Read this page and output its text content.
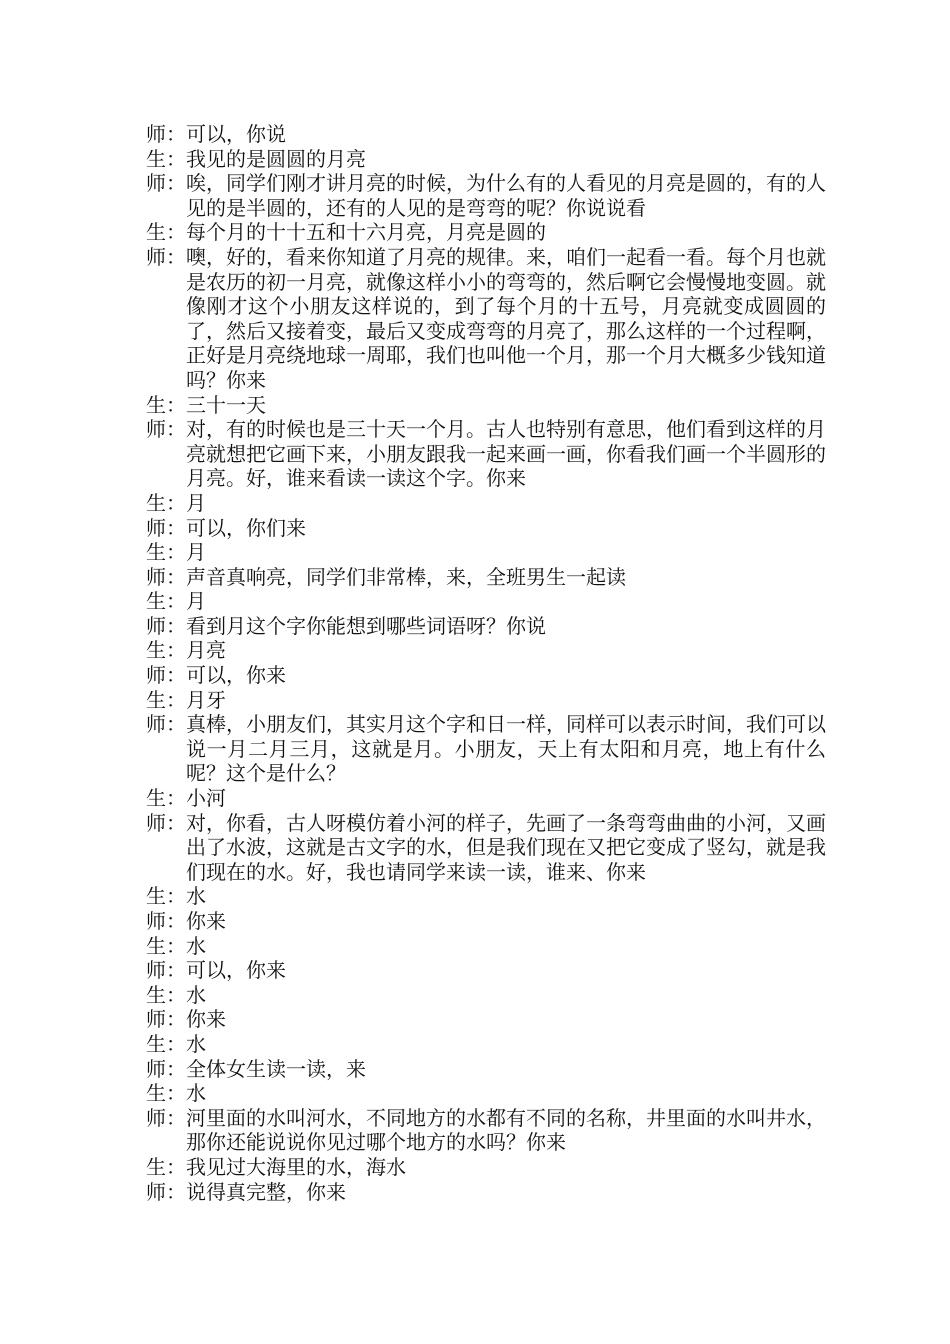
师： 可以，你说
生： 我见的是圆圆的月亮
师： 唉，同学们刚才讲月亮的时候，为什么有的人看见的月亮是圆的，有的人见的是半圆的，还有的人见的是弯弯的呢？你说说看
生： 每个月的十十五和十六月亮，月亮是圆的
师： 噢，好的，看来你知道了月亮的规律。来，咱们一起看一看。每个月也就是农历的初一月亮，就像这样小小的弯弯的，然后啊它会慢慢地变圆。就像刚才这个小朋友这样说的，到了每个月的十五号，月亮就变成圆圆的了，然后又接着变，最后又变成弯弯的月亮了，那么这样的一个过程啊，正好是月亮绕地球一周耶，我们也叫他一个月，那一个月大概多少钱知道吗？你来
生： 三十一天
师： 对，有的时候也是三十天一个月。古人也特别有意思，他们看到这样的月亮就想把它画下来，小朋友跟我一起来画一画，你看我们画一个半圆形的月亮。好，谁来看读一读这个字。你来
生： 月
师： 可以，你们来
生： 月
师： 声音真响亮，同学们非常棒，来，全班男生一起读
生： 月
师： 看到月这个字你能想到哪些词语呀？你说
生： 月亮
师： 可以，你来
生： 月牙
师： 真棒，小朋友们，其实月这个字和日一样，同样可以表示时间，我们可以说一月二月三月，这就是月。小朋友，天上有太阳和月亮，地上有什么呢？这个是什么？
生： 小河
师： 对，你看，古人呀模仿着小河的样子，先画了一条弯弯曲曲的小河，又画出了水波，这就是古文字的水，但是我们现在又把它变成了竖勾，就是我们现在的水。好，我也请同学来读一读，谁来、你来
生： 水
师： 你来
生： 水
师： 可以，你来
生： 水
师： 你来
生： 水
师： 全体女生读一读，来
生： 水
师： 河里面的水叫河水，不同地方的水都有不同的名称，井里面的水叫井水，那你还能说说你见过哪个地方的水吗？你来
生： 我见过大海里的水，海水
师： 说得真完整，你来
